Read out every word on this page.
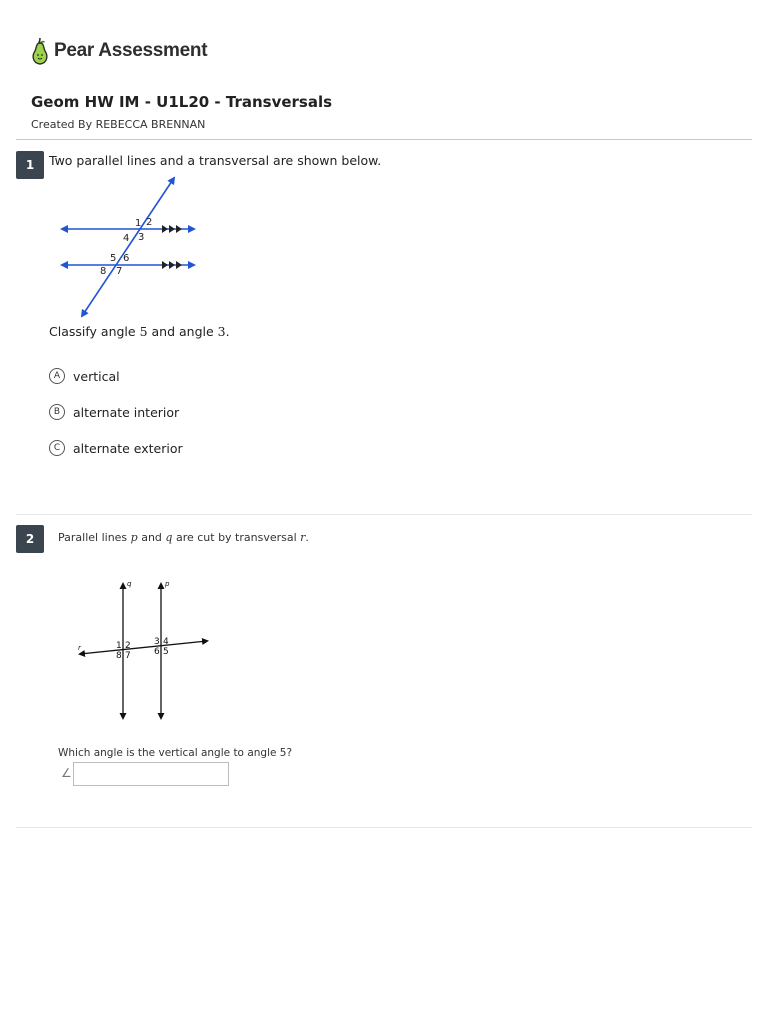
Pear Assessment
Geom HW IM - U1L20 - Transversals
Created By REBECCA BRENNAN
1	Two parallel lines and a transversal are shown below.
1 2
3
4
5 6
7
8
Classify angle 5 and angle 3.
A	vertical
B	alternate interior
C	alternate exterior
2	Parallel lines p and q are cut by transversal r.
q	p
r	1 2
8 7
3 4
6 5
Which angle is the vertical angle to angle 5?
∠
